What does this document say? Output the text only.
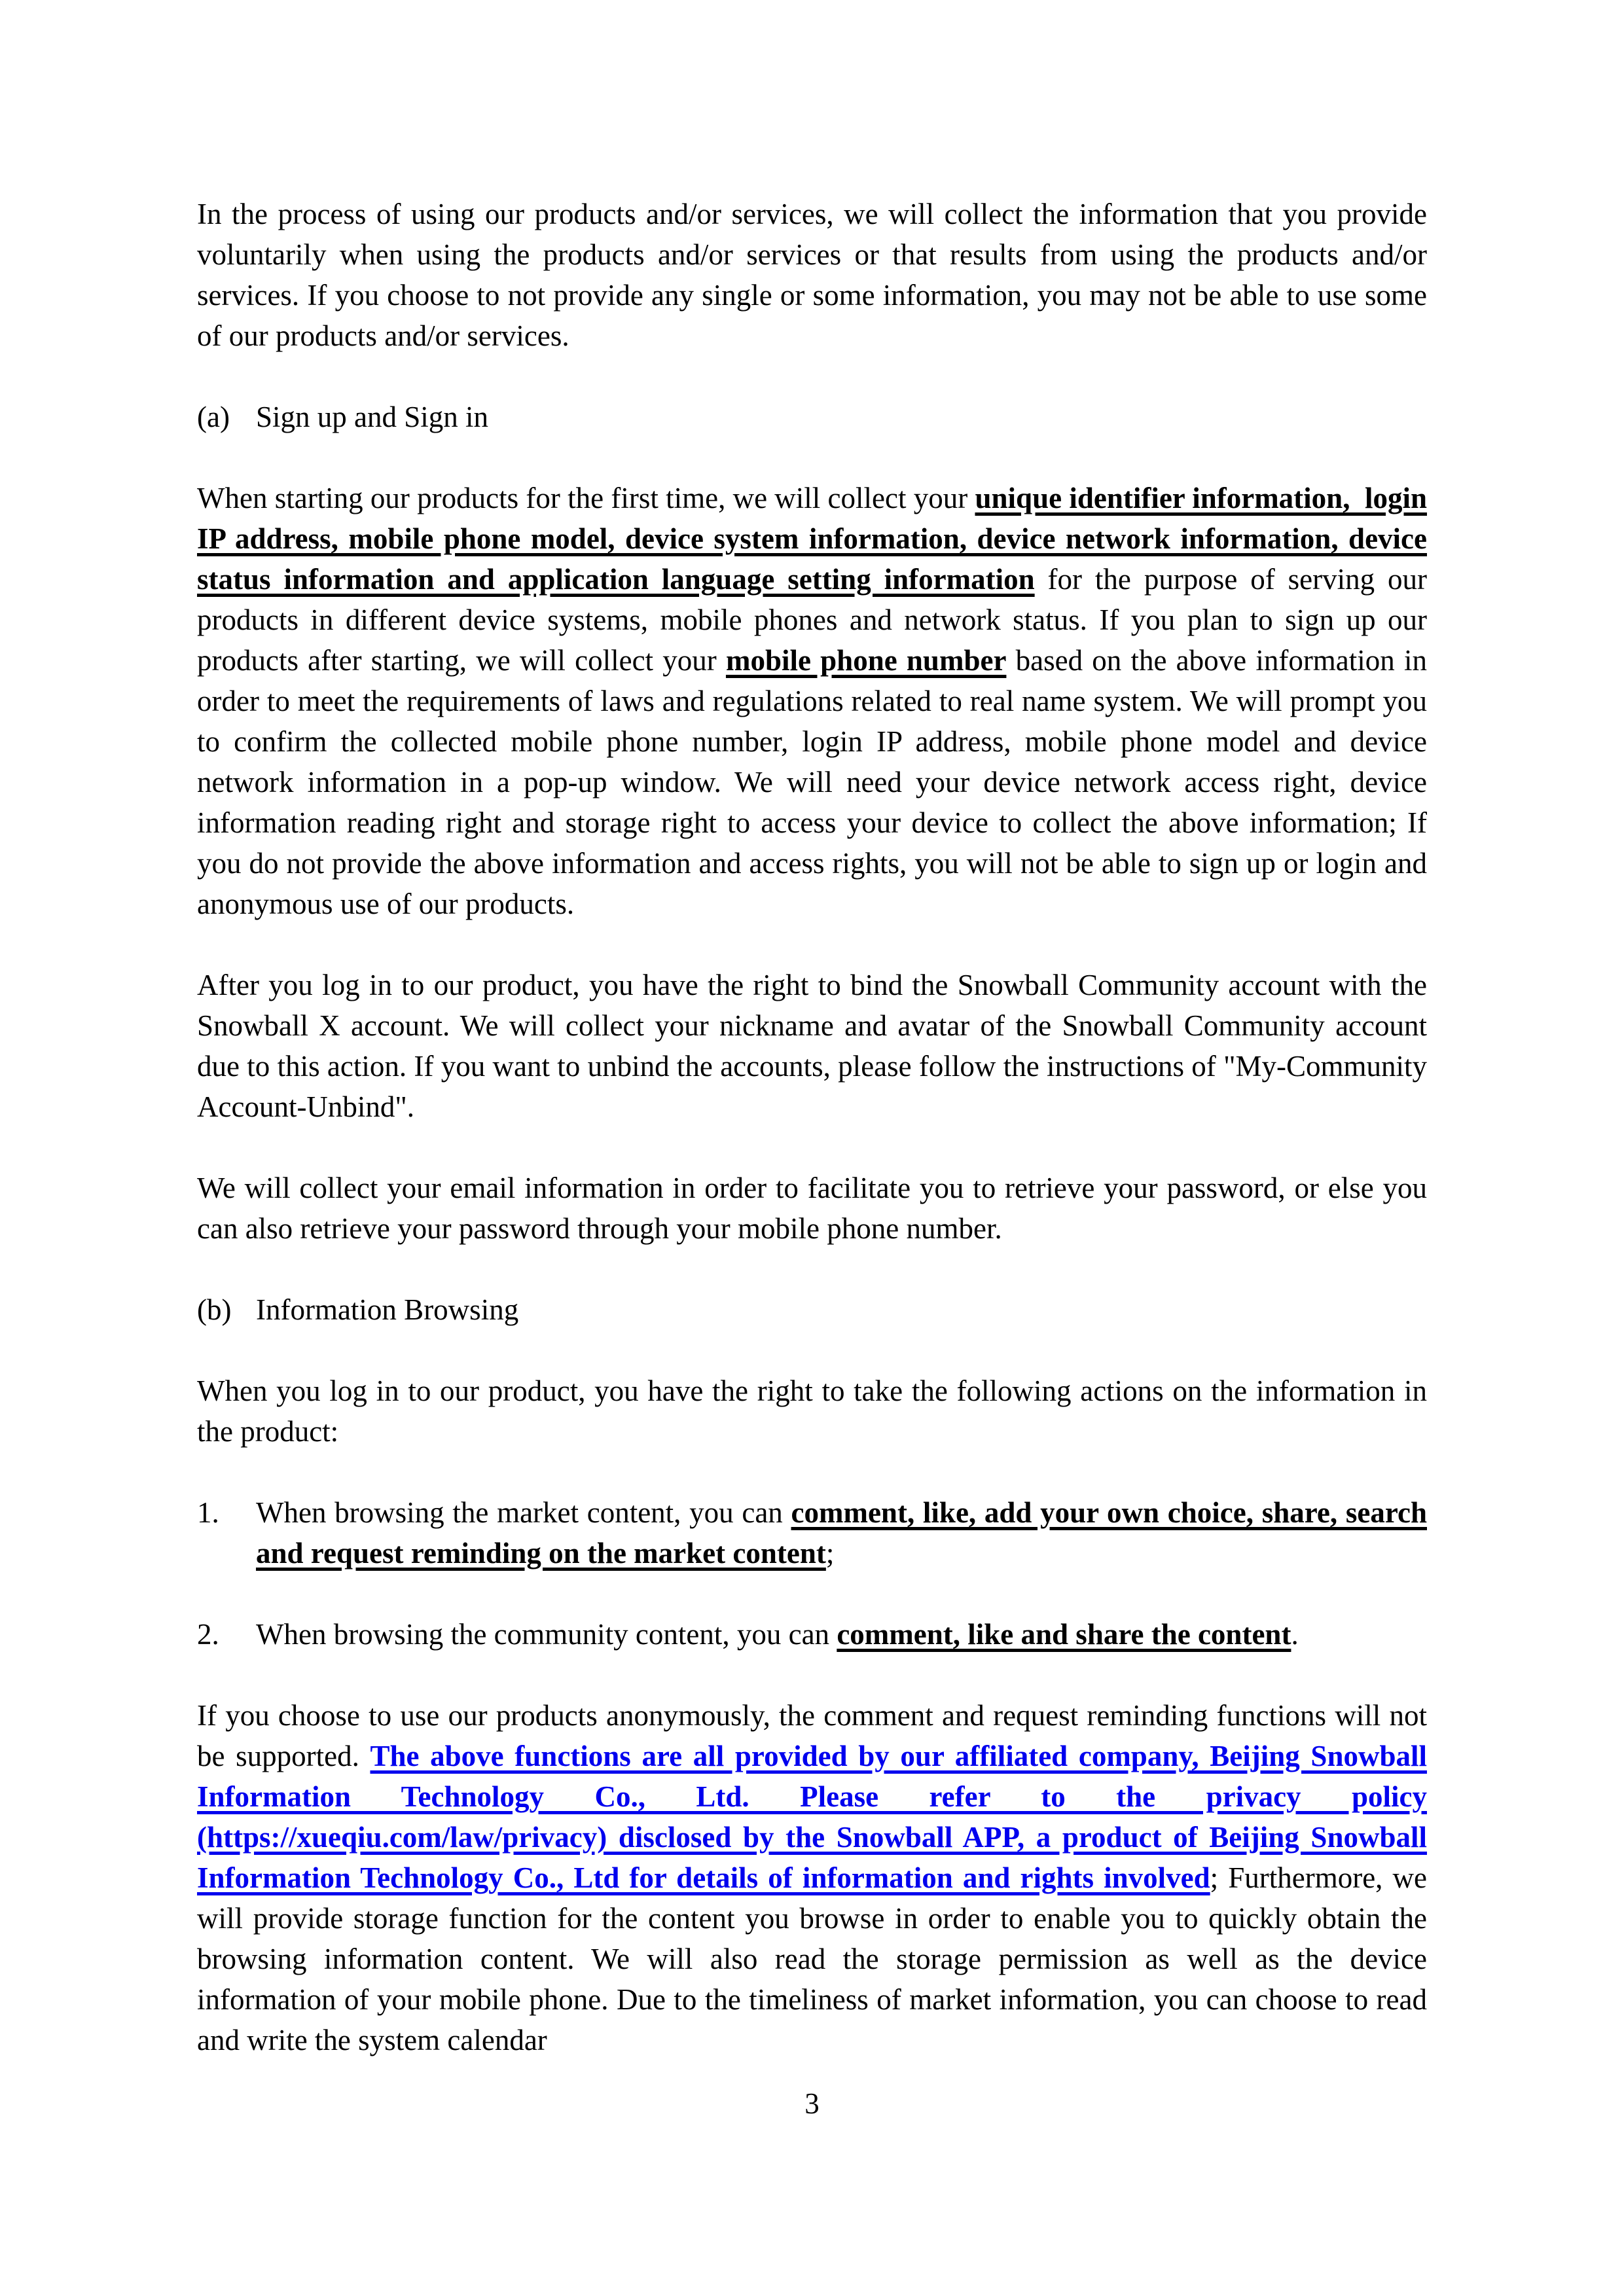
In the process of using our products and/or services, we will collect the information that you provide voluntarily when using the products and/or services or that results from using the products and/or services. If you choose to not provide any single or some information, you may not be able to use some of our products and/or services.

(a) Sign up and Sign in

When starting our products for the first time, we will collect your unique identifier information,  login IP address, mobile phone model, device system information, device network information, device status information and application language setting information for the purpose of serving our products in different device systems, mobile phones and network status. If you plan to sign up our products after starting, we will collect your mobile phone number based on the above information in order to meet the requirements of laws and regulations related to real name system. We will prompt you to confirm the collected mobile phone number, login IP address, mobile phone model and device network information in a pop-up window. We will need your device network access right, device information reading right and storage right to access your device to collect the above information; If you do not provide the above information and access rights, you will not be able to sign up or login and anonymous use of our products.

After you log in to our product, you have the right to bind the Snowball Community account with the Snowball X account. We will collect your nickname and avatar of the Snowball Community account due to this action. If you want to unbind the accounts, please follow the instructions of "My-Community Account-Unbind".

We will collect your email information in order to facilitate you to retrieve your password, or else you can also retrieve your password through your mobile phone number.

(b) Information Browsing

When you log in to our product, you have the right to take the following actions on the information in the product:

1. When browsing the market content, you can comment, like, add your own choice, share, search and request reminding on the market content;

2. When browsing the community content, you can comment, like and share the content.

If you choose to use our products anonymously, the comment and request reminding functions will not be supported. The above functions are all provided by our affiliated company, Beijing Snowball Information Technology Co., Ltd. Please refer to the privacy policy (https://xueqiu.com/law/privacy) disclosed by the Snowball APP, a product of Beijing Snowball Information Technology Co., Ltd for details of information and rights involved; Furthermore, we will provide storage function for the content you browse in order to enable you to quickly obtain the browsing information content. We will also read the storage permission as well as the device information of your mobile phone. Due to the timeliness of market information, you can choose to read and write the system calendar

3
